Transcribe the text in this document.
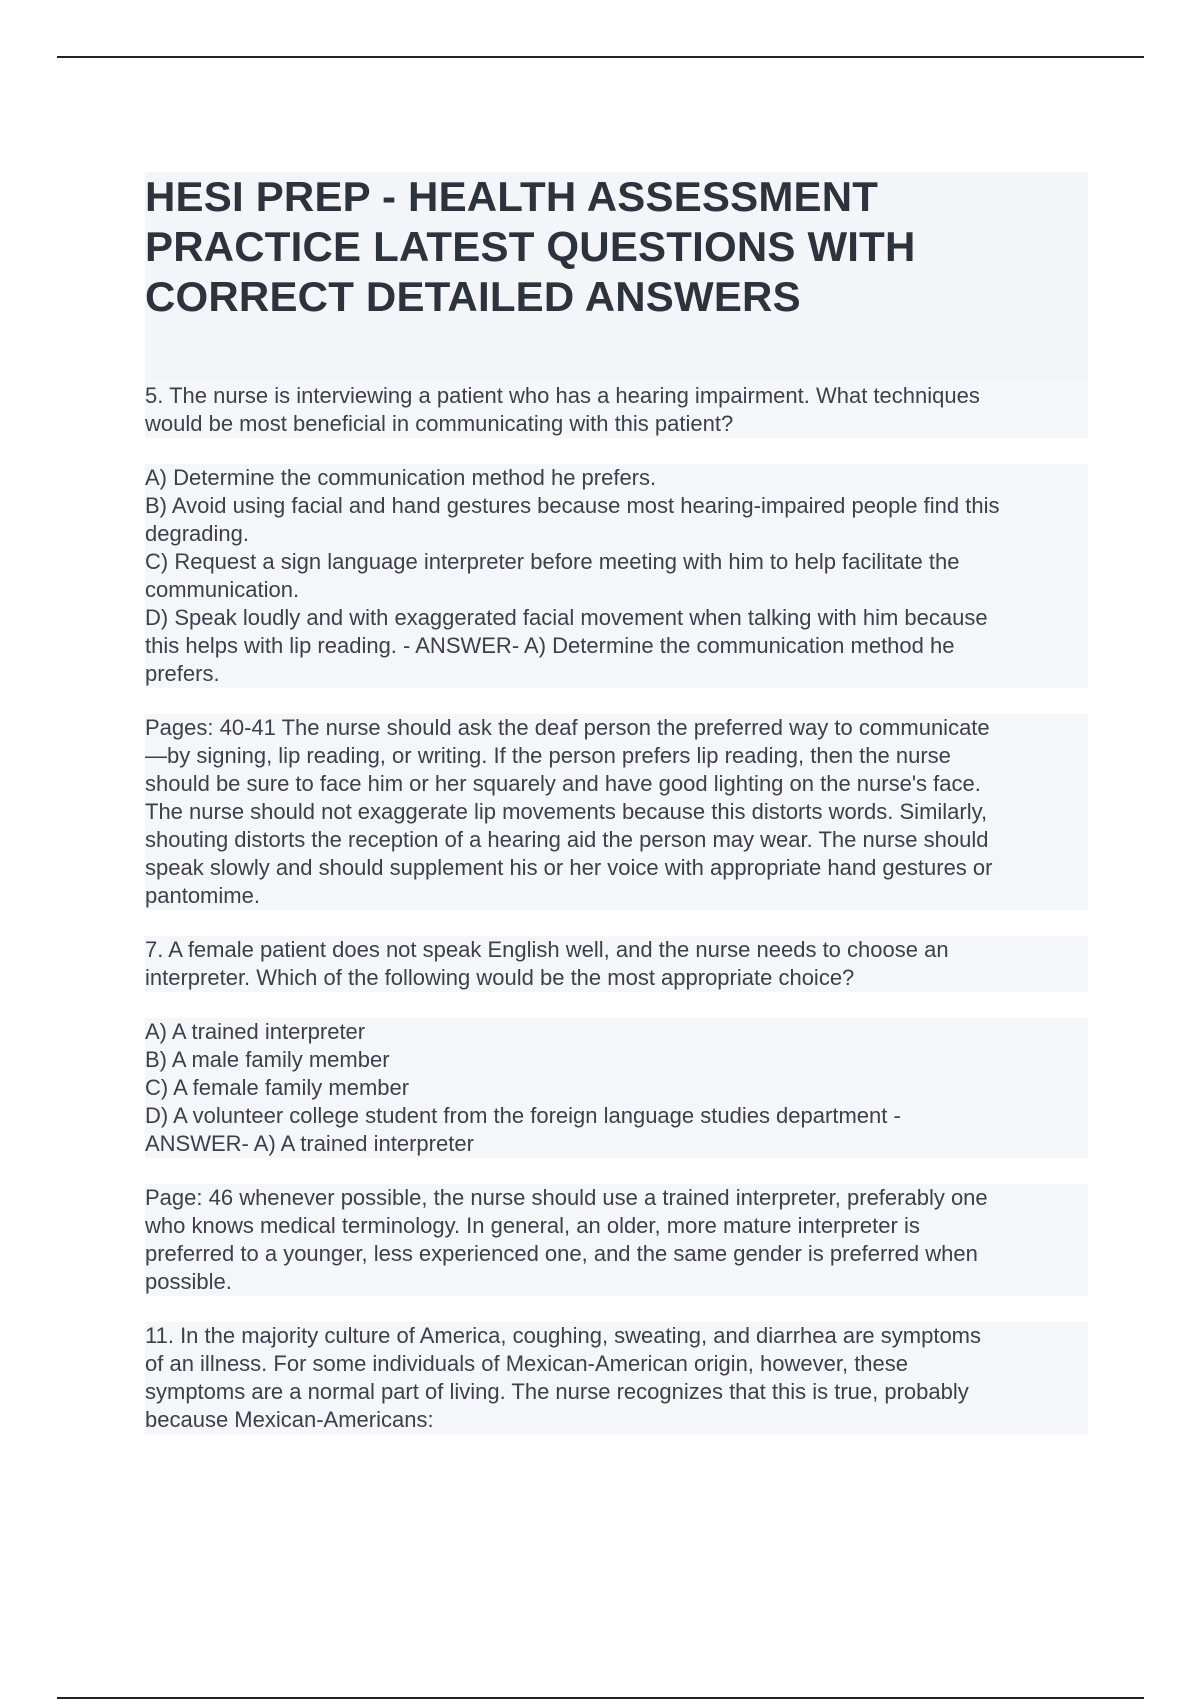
HESI PREP - HEALTH ASSESSMENT
PRACTICE LATEST QUESTIONS WITH
CORRECT DETAILED ANSWERS

5. The nurse is interviewing a patient who has a hearing impairment. What techniques
would be most beneficial in communicating with this patient?

A) Determine the communication method he prefers.
B) Avoid using facial and hand gestures because most hearing-impaired people find this
degrading.
C) Request a sign language interpreter before meeting with him to help facilitate the
communication.
D) Speak loudly and with exaggerated facial movement when talking with him because
this helps with lip reading. - ANSWER- A) Determine the communication method he
prefers.

Pages: 40-41 The nurse should ask the deaf person the preferred way to communicate
—by signing, lip reading, or writing. If the person prefers lip reading, then the nurse
should be sure to face him or her squarely and have good lighting on the nurse's face.
The nurse should not exaggerate lip movements because this distorts words. Similarly,
shouting distorts the reception of a hearing aid the person may wear. The nurse should
speak slowly and should supplement his or her voice with appropriate hand gestures or
pantomime.

7. A female patient does not speak English well, and the nurse needs to choose an
interpreter. Which of the following would be the most appropriate choice?

A) A trained interpreter
B) A male family member
C) A female family member
D) A volunteer college student from the foreign language studies department -
ANSWER- A) A trained interpreter

Page: 46 whenever possible, the nurse should use a trained interpreter, preferably one
who knows medical terminology. In general, an older, more mature interpreter is
preferred to a younger, less experienced one, and the same gender is preferred when
possible.

11. In the majority culture of America, coughing, sweating, and diarrhea are symptoms
of an illness. For some individuals of Mexican-American origin, however, these
symptoms are a normal part of living. The nurse recognizes that this is true, probably
because Mexican-Americans:
